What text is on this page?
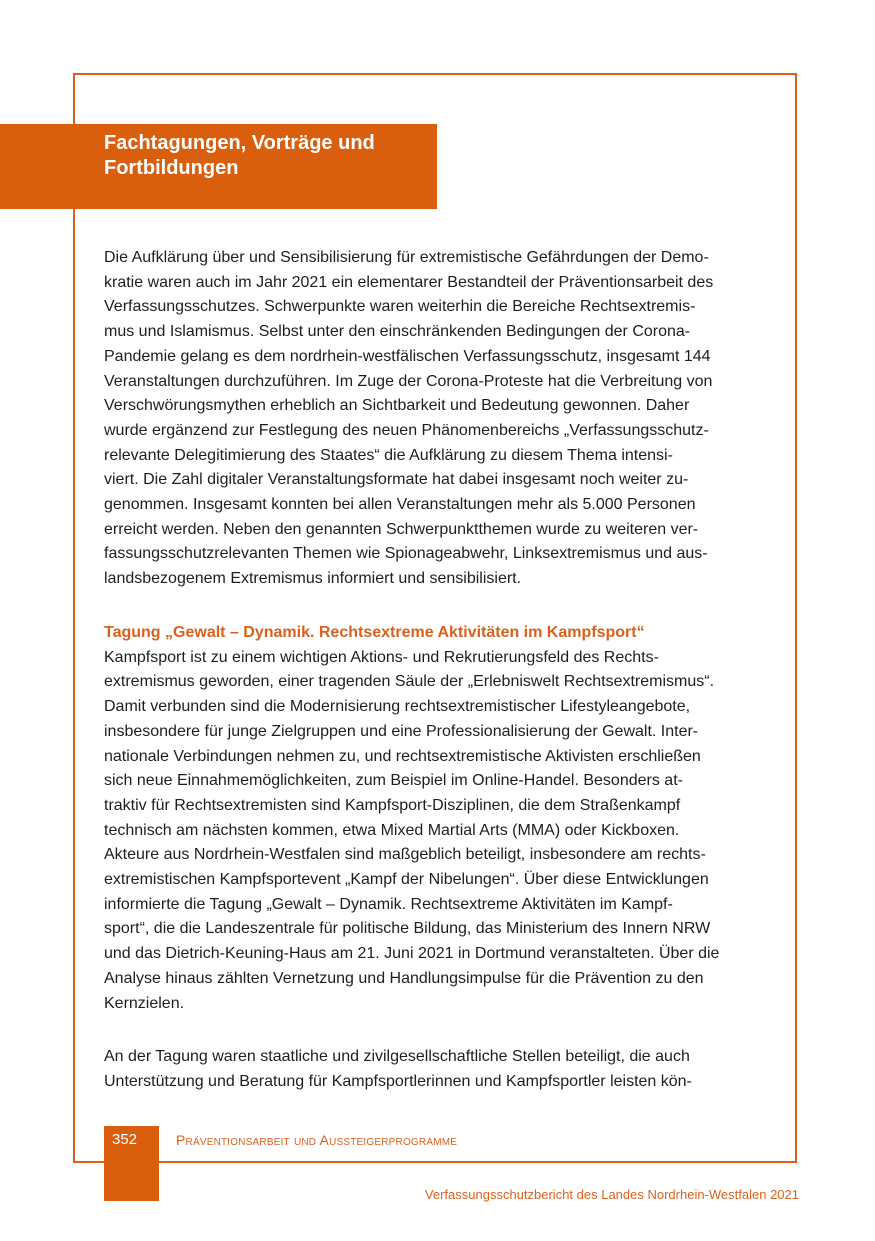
Fachtagungen, Vorträge und
Fortbildungen
Die Aufklärung über und Sensibilisierung für extremistische Gefährdungen der Demo-
kratie waren auch im Jahr 2021 ein elementarer Bestandteil der Präventionsarbeit des
Verfassungsschutzes. Schwerpunkte waren weiterhin die Bereiche Rechtsextremis-
mus und Islamismus. Selbst unter den einschränkenden Bedingungen der Corona-
Pandemie gelang es dem nordrhein-westfälischen Verfassungsschutz, insgesamt 144
Veranstaltungen durchzuführen. Im Zuge der Corona-Proteste hat die Verbreitung von
Verschwörungsmythen erheblich an Sichtbarkeit und Bedeutung gewonnen. Daher
wurde ergänzend zur Festlegung des neuen Phänomenbereichs „Verfassungsschutz-
relevante Delegitimierung des Staates“ die Aufklärung zu diesem Thema intensi-
viert. Die Zahl digitaler Veranstaltungsformate hat dabei insgesamt noch weiter zu-
genommen. Insgesamt konnten bei allen Veranstaltungen mehr als 5.000 Personen
erreicht werden. Neben den genannten Schwerpunktthemen wurde zu weiteren ver-
fassungsschutzrelevanten Themen wie Spionageabwehr, Linksextremismus und aus-
landsbezogenem Extremismus informiert und sensibilisiert.
Tagung „Gewalt – Dynamik. Rechtsextreme Aktivitäten im Kampfsport“
Kampfsport ist zu einem wichtigen Aktions- und Rekrutierungsfeld des Rechts-
extremismus geworden, einer tragenden Säule der „Erlebniswelt Rechtsextremismus“.
Damit verbunden sind die Modernisierung rechtsextremistischer Lifestyleangebote,
insbesondere für junge Zielgruppen und eine Professionalisierung der Gewalt. Inter-
nationale Verbindungen nehmen zu, und rechtsextremistische Aktivisten erschließen
sich neue Einnahmemöglichkeiten, zum Beispiel im Online-Handel. Besonders at-
traktiv für Rechtsextremisten sind Kampfsport-Disziplinen, die dem Straßenkampf
technisch am nächsten kommen, etwa Mixed Martial Arts (MMA) oder Kickboxen.
Akteure aus Nordrhein-Westfalen sind maßgeblich beteiligt, insbesondere am rechts-
extremistischen Kampfsportevent „Kampf der Nibelungen“. Über diese Entwicklungen
informierte die Tagung „Gewalt – Dynamik. Rechtsextreme Aktivitäten im Kampf-
sport“, die die Landeszentrale für politische Bildung, das Ministerium des Innern NRW
und das Dietrich-Keuning-Haus am 21. Juni 2021 in Dortmund veranstalteten. Über die
Analyse hinaus zählten Vernetzung und Handlungsimpulse für die Prävention zu den
Kernzielen.
An der Tagung waren staatliche und zivilgesellschaftliche Stellen beteiligt, die auch
Unterstützung und Beratung für Kampfsportlerinnen und Kampfsportler leisten kön-
352	Präventionsarbeit und Aussteigerprogramme
Verfassungsschutzbericht des Landes Nordrhein-Westfalen 2021
